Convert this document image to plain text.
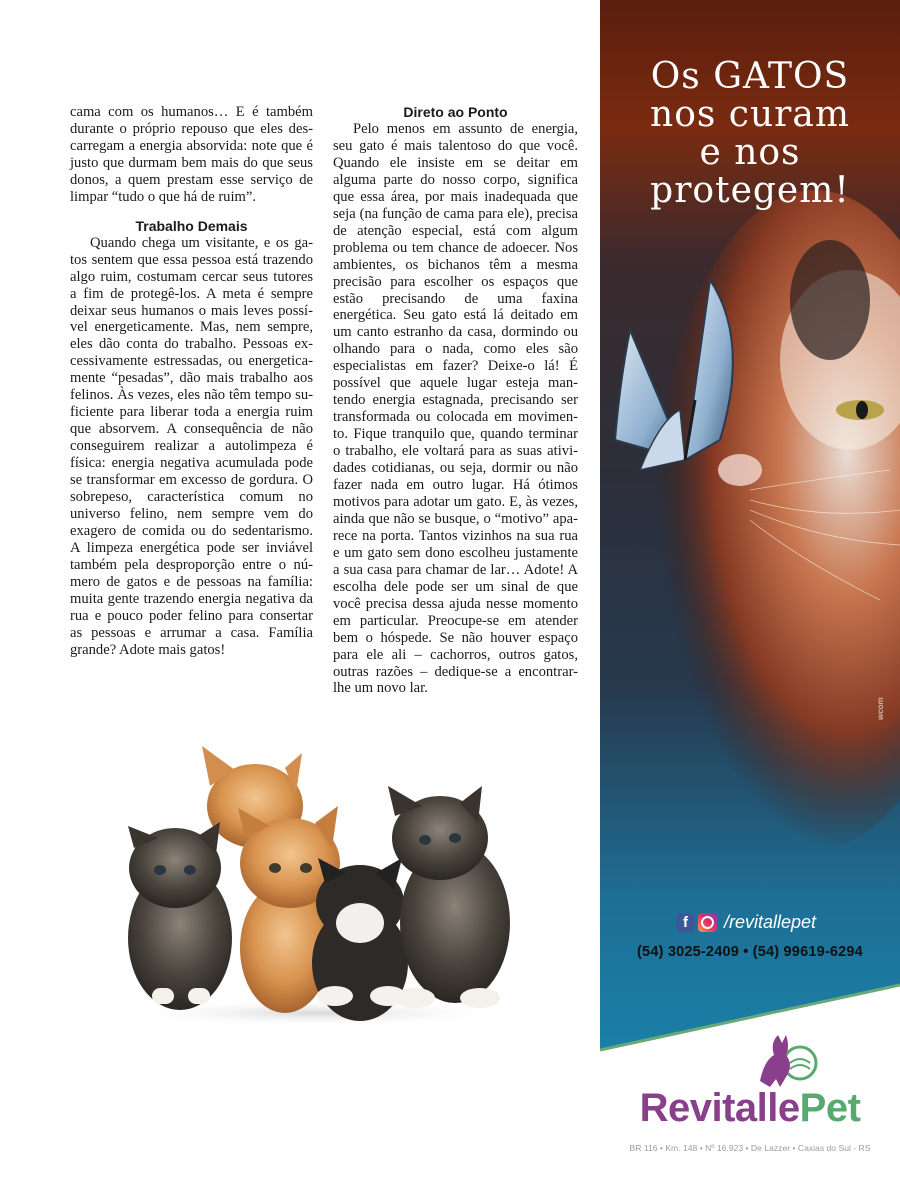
cama com os humanos… E é também durante o próprio repouso que eles descarregam a energia absorvida: note que é justo que durmam bem mais do que seus donos, a quem prestam esse serviço de limpar “tudo o que há de ruim”.

Trabalho Demais

Quando chega um visitante, e os gatos sentem que essa pessoa está trazendo algo ruim, costumam cercar seus tutores a fim de protegê-los. A meta é sempre deixar seus humanos o mais leves possível energeticamente. Mas, nem sempre, eles dão conta do trabalho. Pessoas excessivamente estressadas, ou energeticamente “pesadas”, dão mais trabalho aos felinos. Às vezes, eles não têm tempo suficiente para liberar toda a energia ruim que absorvem. A consequência de não conseguirem realizar a autolimpeza é física: energia negativa acumulada pode se transformar em excesso de gordura. O sobrepeso, característica comum no universo felino, nem sempre vem do exagero de comida ou do sedentarismo. A limpeza energética pode ser inviável também pela desproporção entre o número de gatos e de pessoas na família: muita gente trazendo energia negativa da rua e pouco poder felino para consertar as pessoas e arrumar a casa. Família grande? Adote mais gatos!

Direto ao Ponto

Pelo menos em assunto de energia, seu gato é mais talentoso do que você. Quando ele insiste em se deitar em alguma parte do nosso corpo, significa que essa área, por mais inadequada que seja (na função de cama para ele), precisa de atenção especial, está com algum problema ou tem chance de adoecer. Nos ambientes, os bichanos têm a mesma precisão para escolher os espaços que estão precisando de uma faxina energética. Seu gato está lá deitado em um canto estranho da casa, dormindo ou olhando para o nada, como eles são especialistas em fazer? Deixe-o lá! É possível que aquele lugar esteja mantendo energia estagnada, precisando ser transformada ou colocada em movimento. Fique tranquilo que, quando terminar o trabalho, ele voltará para as suas atividades cotidianas, ou seja, dormir ou não fazer nada em outro lugar. Há ótimos motivos para adotar um gato. E, às vezes, ainda que não se busque, o “motivo” aparece na porta. Tantos vizinhos na sua rua e um gato sem dono escolheu justamente a sua casa para chamar de lar… Adote! A escolha dele pode ser um sinal de que você precisa dessa ajuda nesse momento em particular. Preocupe-se em atender bem o hóspede. Se não houver espaço para ele ali – cachorros, outros gatos, outras razões – dedique-se a encontrar-lhe um novo lar.

Os GATOS
nos curam
e nos
protegem!
wcom
f	/revitallepet
(54) 3025-2409 • (54) 99619-6294
RevitallePet
BR 116 • Km. 148 • Nº 16.923 • De Lazzer • Caxias do Sul - RS
